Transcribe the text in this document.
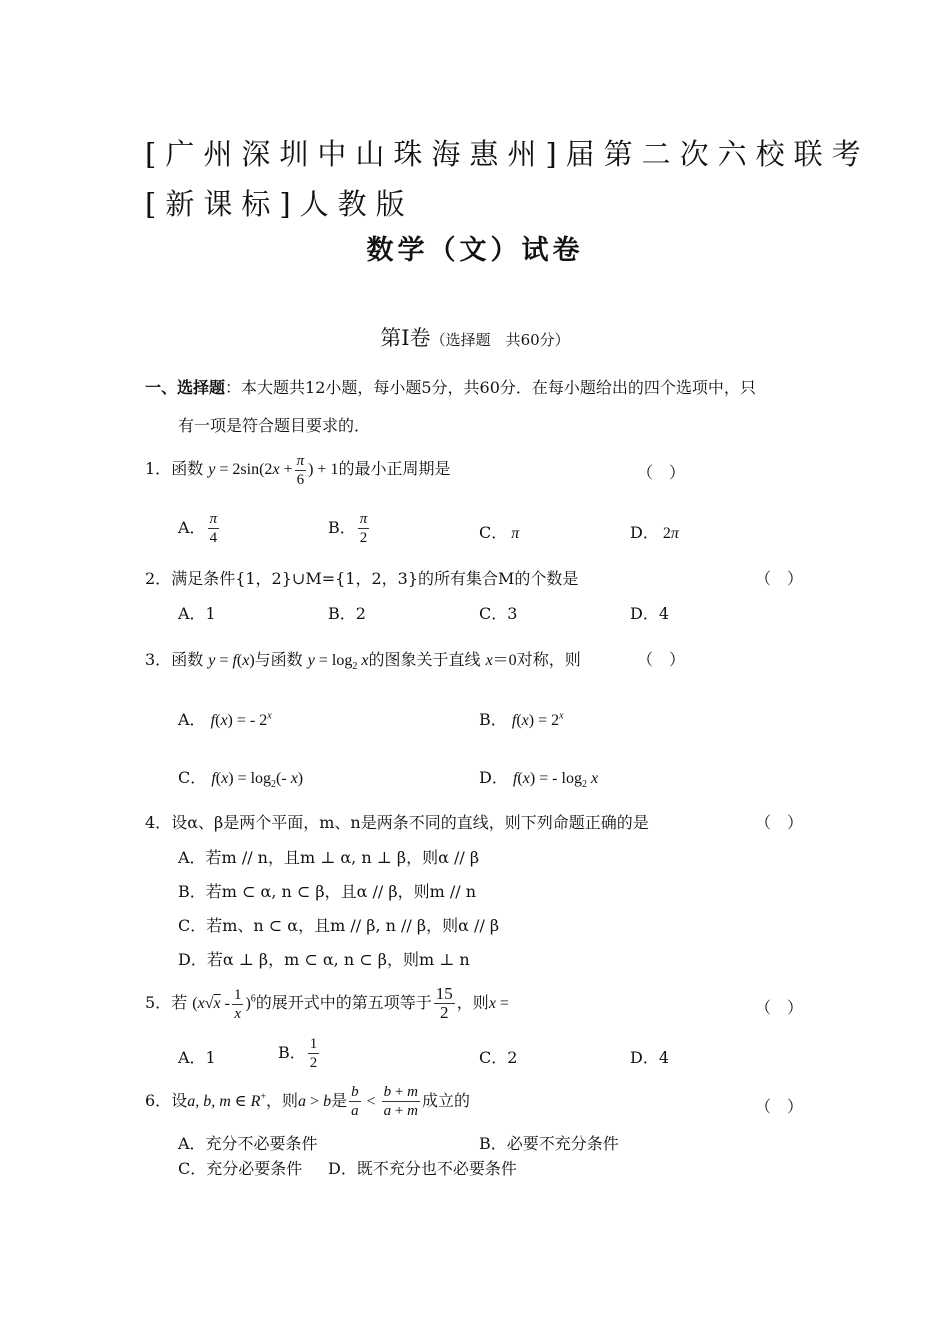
[广州深圳中山珠海惠州]届第二次六校联考
[新课标]人教版
数学（文）试卷
第Ⅰ卷（选择题　共60分）
一、选择题：本大题共12小题，每小题5分，共60分．在每小题给出的四个选项中，只
有一项是符合题目要求的．
1．函数 $y = 2\sin(2x + \frac{\pi}{6}$ ) + 1的最小正周期是	（　）
A． $\frac{\pi}{4}$	B． $\frac{\pi}{2}$	C． π	D． 2π
2．满足条件{1，2}∪M={1，2，3}的所有集合M的个数是	（　）
A．1	B．2	C．3	D．4
3．函数 y = f(x)与函数 $y = \log_2 x$的图象关于直线 x＝0对称，则	（　）
A． f(x) = - 2$^x$	B． $f(x) = 2^x$
C． $f(x) = \log_2(-$ x)	D． f(x) = - $\log_2 x$
4．设α、β是两个平面，m、n是两条不同的直线，则下列命题正确的是	（　）
A．若m // n，且m ⊥ α, n ⊥ β，则α // β
B．若m ⊂ α, n ⊂ β，且α // β，则m // n
C．若m、n ⊂ α，且m // β, n // β，则α // β
D．若α ⊥ β，m ⊂ α, n ⊂ β，则m ⊥ n
5．若 $(x√x - \frac{1}{x} )^6$的展开式中的第五项等于 $\frac{15}{2}$ ，则x =	（　）
A．1	B． $\frac{1}{2}$	C．2	D．4
6．设a, b, m ∈ R+，则a > b是 $\frac{b}{a} < \frac{b + m}{a + m}$ 成立的	（　）
A．充分不必要条件	B．必要不充分条件
C．充分必要条件 D．既不充分也不必要条件
